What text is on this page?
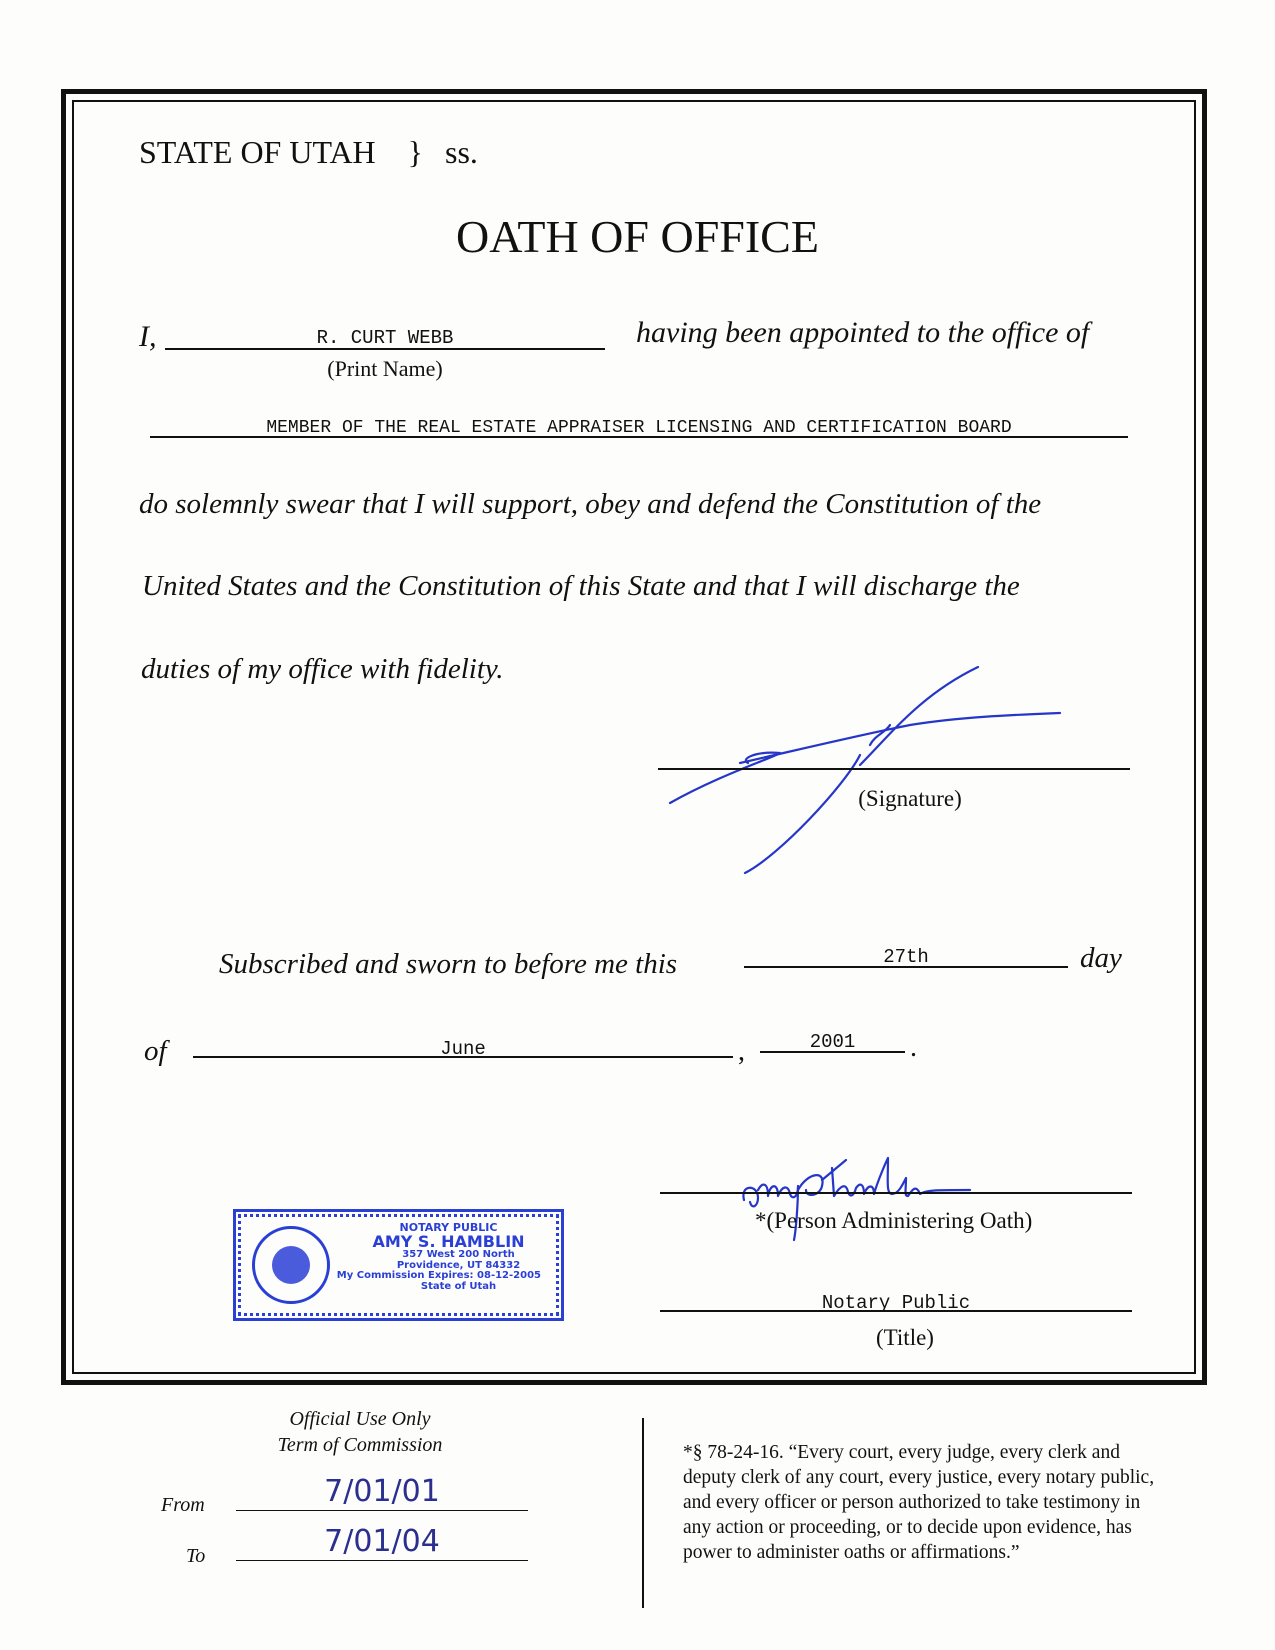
STATE OF UTAH } ss.
OATH OF OFFICE
I,	R. CURT WEBB
(Print Name)
having been appointed to the office of
MEMBER OF THE REAL ESTATE APPRAISER LICENSING AND CERTIFICATION BOARD
do solemnly swear that I will support, obey and defend the Constitution of the
United States and the Constitution of this State and that I will discharge the
duties of my office with fidelity.
(Signature)
Subscribed and sworn to before me this	27th	day
of	June	,	2001	.
NOTARY PUBLIC
AMY S. HAMBLIN
357 West 200 North
Providence, UT 84332
My Commission Expires: 08-12-2005
State of Utah
*(Person Administering Oath)
Notary Public
(Title)
Official Use Only
Term of Commission
From	7/01/01
To	7/01/04
*§ 78-24-16. “Every court, every judge, every clerk and
deputy clerk of any court, every justice, every notary public,
and every officer or person authorized to take testimony in
any action or proceeding, or to decide upon evidence, has
power to administer oaths or affirmations.”
